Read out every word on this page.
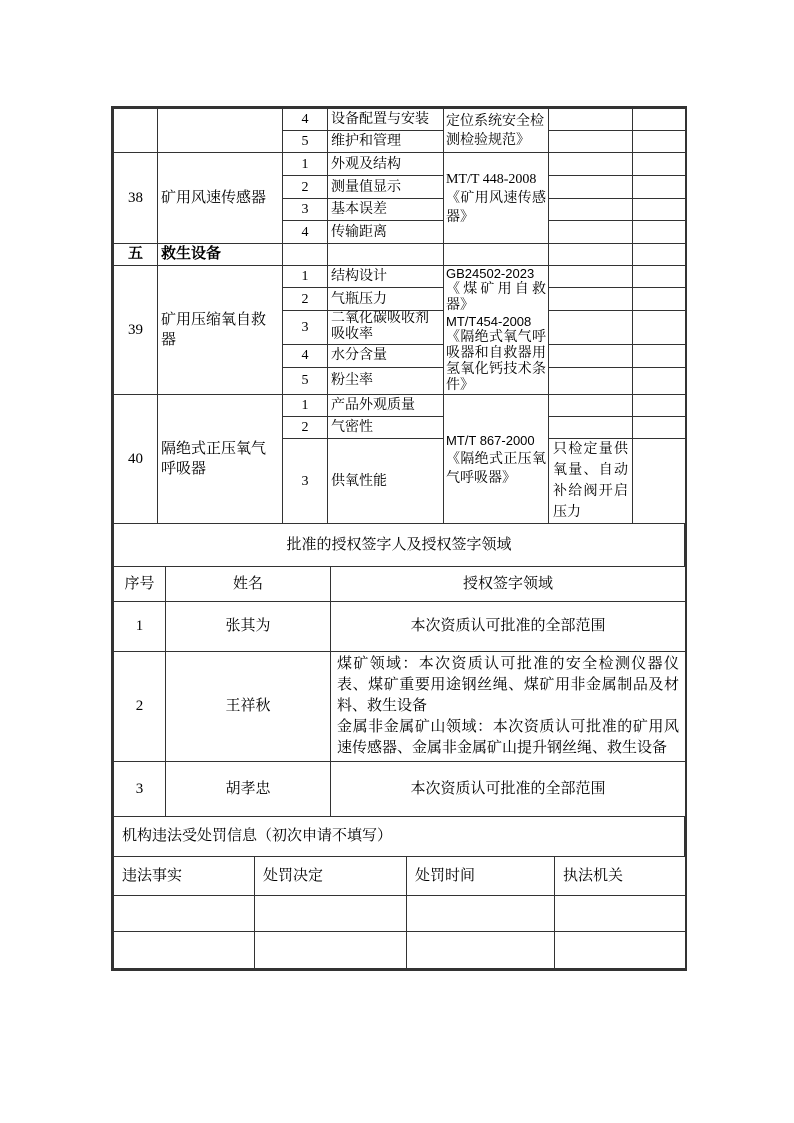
		4	设备配置与安装	定位系统安全检测检验规范》		
		5	维护和管理			
38	矿用风速传感器	1	外观及结构	MT/T 448-2008
《矿用风速传感器》		

		2	测量值显示			
		3	基本误差			
		4	传输距离			
五	救生设备					
39	矿用压缩氧自救器	1	结构设计	GB24502-2023
《煤矿用自救器》
MT/T454-2008
《隔绝式氧气呼吸器和自救器用氢氧化钙技术条件》		

		2	气瓶压力			
		3	二氧化碳吸收剂吸收率			
		4	水分含量			
		5	粉尘率			
40	隔绝式正压氧气呼吸器	1	产品外观质量	MT/T 867-2000
《隔绝式正压氧气呼吸器》		

		2	气密性			
		3	供氧性能		只检定量供氧量、自动补给阀开启压力	
批准的授权签字人及授权签字领域
序号	姓名	授权签字领域
1	张其为	本次资质认可批准的全部范围
2	王祥秋	煤矿领域：本次资质认可批准的安全检测仪器仪表、煤矿重要用途钢丝绳、煤矿用非金属制品及材料、救生设备
金属非金属矿山领域：本次资质认可批准的矿用风速传感器、金属非金属矿山提升钢丝绳、救生设备

3	胡孝忠	本次资质认可批准的全部范围
机构违法受处罚信息（初次申请不填写）
违法事实	处罚决定	处罚时间	执法机关
